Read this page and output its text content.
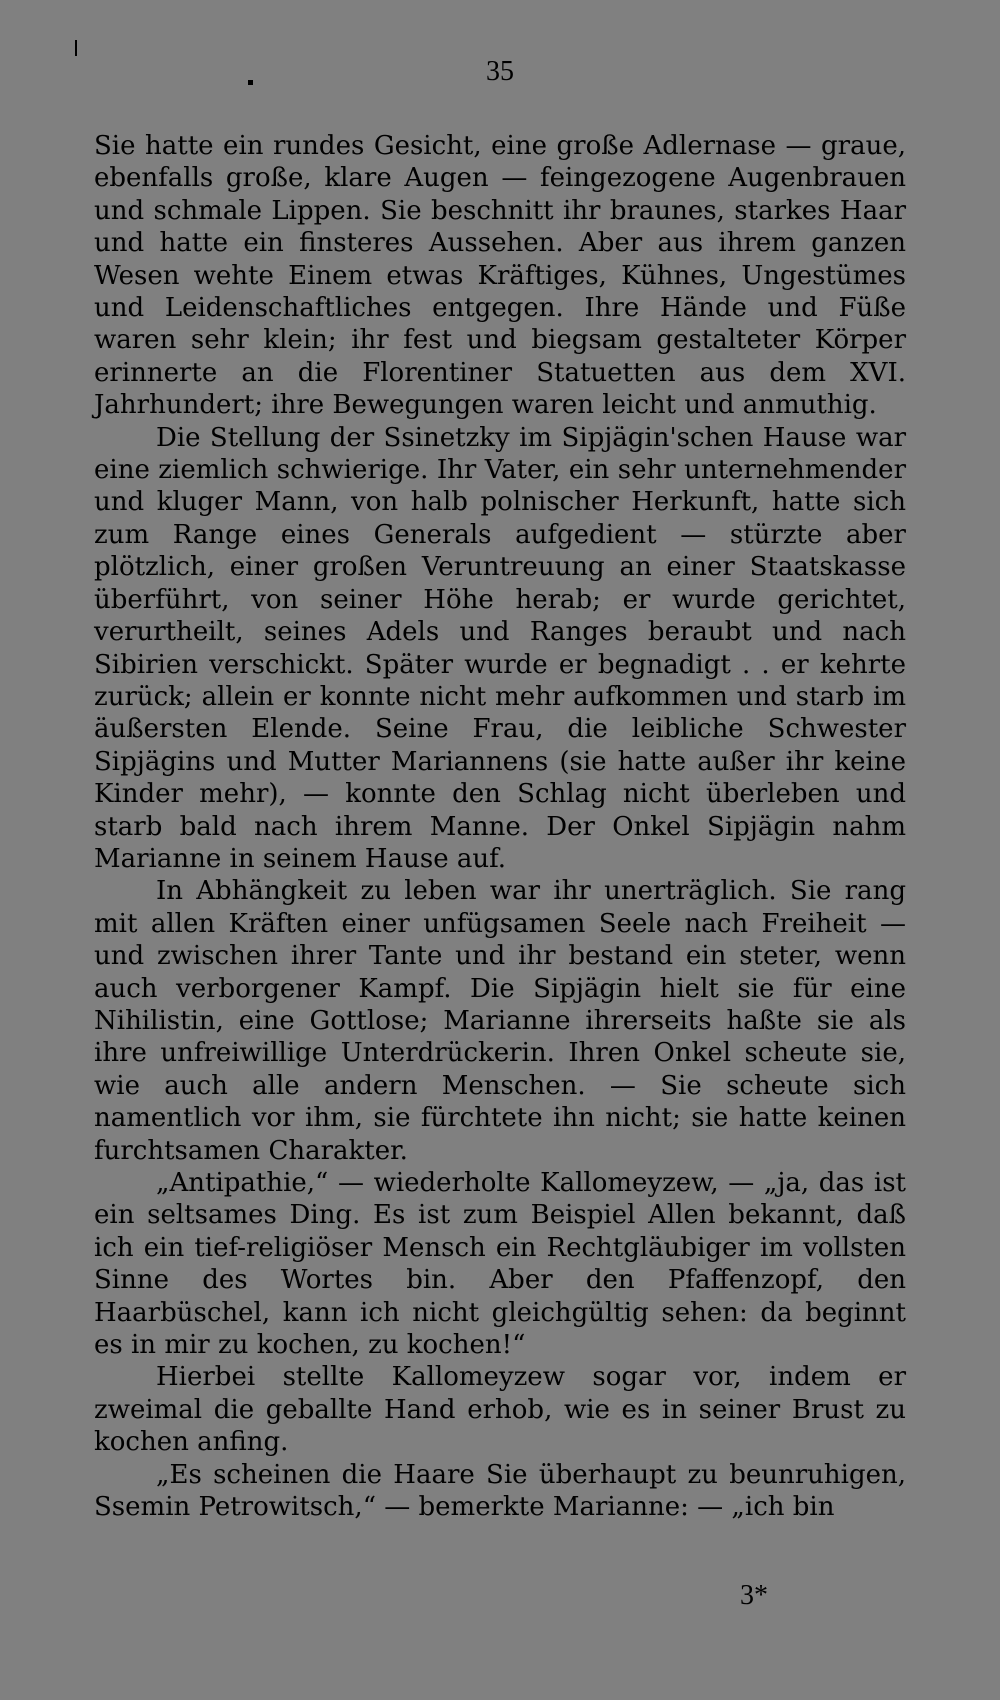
35

Sie hatte ein rundes Gesicht, eine große Adlernase — graue, ebenfalls große, klare Augen — feingezogene Augenbrauen und schmale Lippen. Sie beschnitt ihr braunes, starkes Haar und hatte ein finsteres Aussehen. Aber aus ihrem ganzen Wesen wehte Einem etwas Kräftiges, Kühnes, Ungestümes und Leidenschaftliches entgegen. Ihre Hände und Füße waren sehr klein; ihr fest und biegsam gestalteter Körper erinnerte an die Florentiner Statuetten aus dem XVI. Jahrhundert; ihre Bewegungen waren leicht und anmuthig.

Die Stellung der Ssinetzky im Sipjägin'schen Hause war eine ziemlich schwierige. Ihr Vater, ein sehr unternehmender und kluger Mann, von halb polnischer Herkunft, hatte sich zum Range eines Generals aufgedient — stürzte aber plötzlich, einer großen Veruntreuung an einer Staatskasse überführt, von seiner Höhe herab; er wurde gerichtet, verurtheilt, seines Adels und Ranges beraubt und nach Sibirien verschickt. Später wurde er begnadigt . . er kehrte zurück; allein er konnte nicht mehr aufkommen und starb im äußersten Elende. Seine Frau, die leibliche Schwester Sipjägins und Mutter Mariannens (sie hatte außer ihr keine Kinder mehr), — konnte den Schlag nicht überleben und starb bald nach ihrem Manne. Der Onkel Sipjägin nahm Marianne in seinem Hause auf.

In Abhängkeit zu leben war ihr unerträglich. Sie rang mit allen Kräften einer unfügsamen Seele nach Freiheit — und zwischen ihrer Tante und ihr bestand ein steter, wenn auch verborgener Kampf. Die Sipjägin hielt sie für eine Nihilistin, eine Gottlose; Marianne ihrerseits haßte sie als ihre unfreiwillige Unterdrückerin. Ihren Onkel scheute sie, wie auch alle andern Menschen. — Sie scheute sich namentlich vor ihm, sie fürchtete ihn nicht; sie hatte keinen furchtsamen Charakter.

„Antipathie,“ — wiederholte Kallomeyzew, — „ja, das ist ein seltsames Ding. Es ist zum Beispiel Allen bekannt, daß ich ein tief-religiöser Mensch ein Rechtgläubiger im vollsten Sinne des Wortes bin. Aber den Pfaffenzopf, den Haarbüschel, kann ich nicht gleichgültig sehen: da beginnt es in mir zu kochen, zu kochen!“

Hierbei stellte Kallomeyzew sogar vor, indem er zweimal die geballte Hand erhob, wie es in seiner Brust zu kochen anfing.

„Es scheinen die Haare Sie überhaupt zu beunruhigen, Ssemin Petrowitsch,“ — bemerkte Marianne: — „ich bin

3*
